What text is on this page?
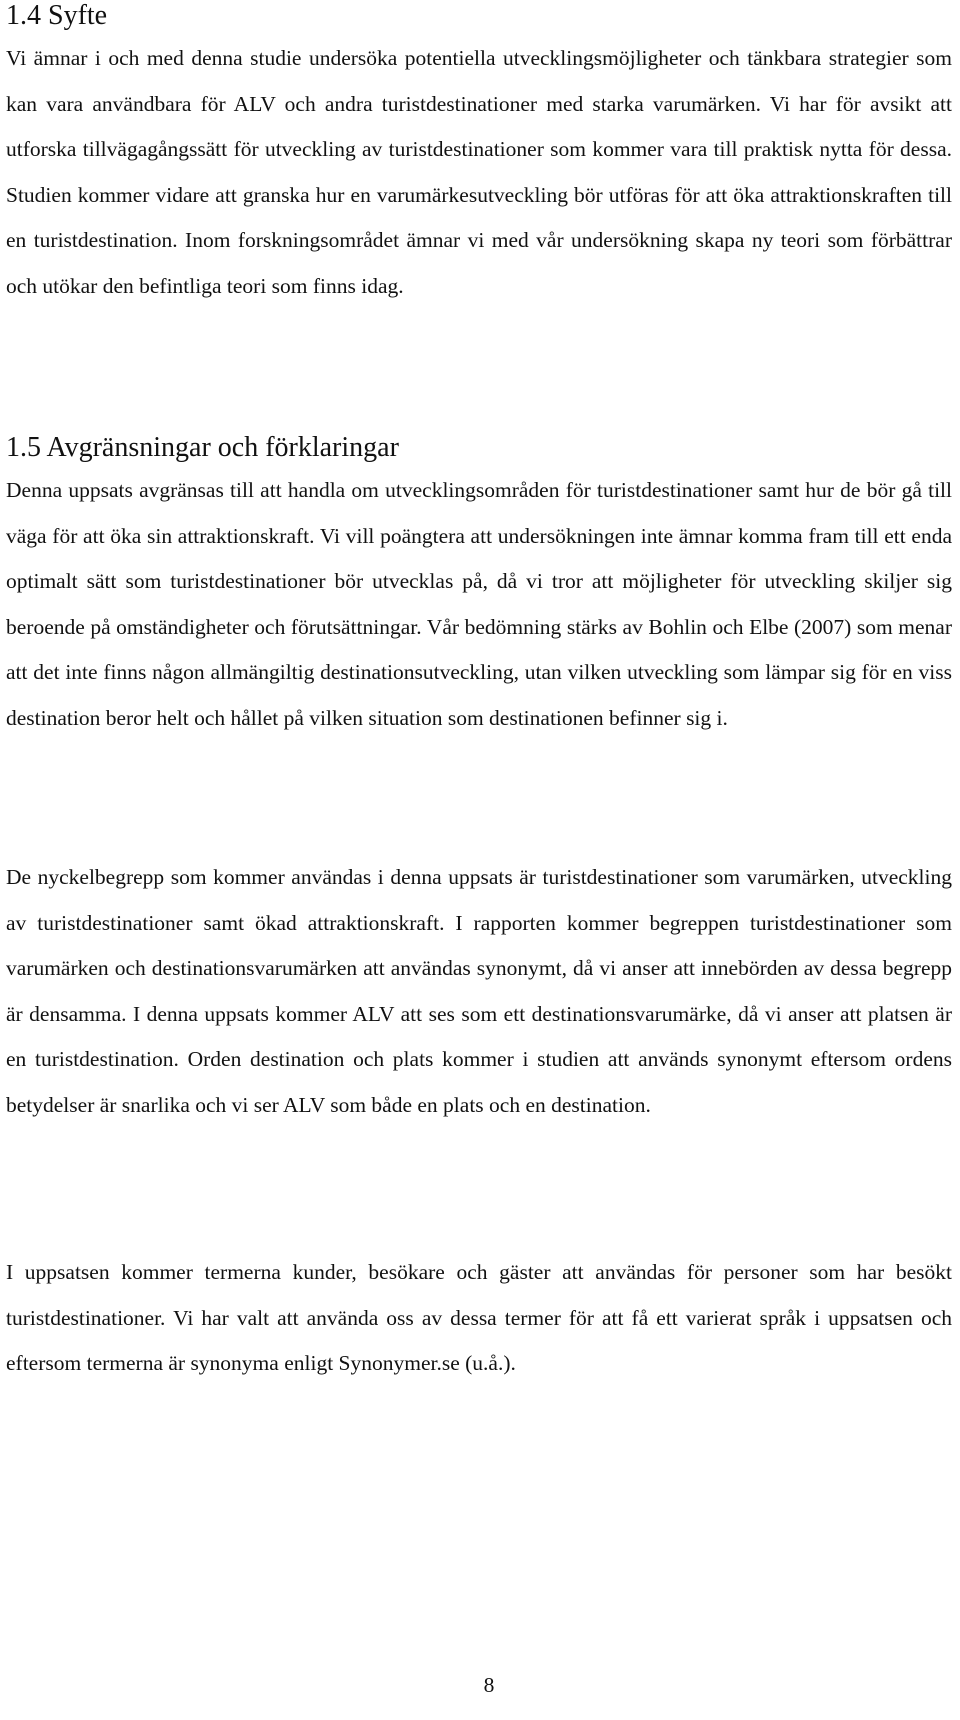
1.4 Syfte

Vi ämnar i och med denna studie undersöka potentiella utvecklingsmöjligheter och tänkbara strategier som kan vara användbara för ALV och andra turistdestinationer med starka varumärken. Vi har för avsikt att utforska tillvägagångssätt för utveckling av turistdestinationer som kommer vara till praktisk nytta för dessa. Studien kommer vidare att granska hur en varumärkesutveckling bör utföras för att öka attraktionskraften till en turistdestination. Inom forskningsområdet ämnar vi med vår undersökning skapa ny teori som förbättrar och utökar den befintliga teori som finns idag.

1.5 Avgränsningar och förklaringar

Denna uppsats avgränsas till att handla om utvecklingsområden för turistdestinationer samt hur de bör gå till väga för att öka sin attraktionskraft. Vi vill poängtera att undersökningen inte ämnar komma fram till ett enda optimalt sätt som turistdestinationer bör utvecklas på, då vi tror att möjligheter för utveckling skiljer sig beroende på omständigheter och förutsättningar. Vår bedömning stärks av Bohlin och Elbe (2007) som menar att det inte finns någon allmängiltig destinationsutveckling, utan vilken utveckling som lämpar sig för en viss destination beror helt och hållet på vilken situation som destinationen befinner sig i.

De nyckelbegrepp som kommer användas i denna uppsats är turistdestinationer som varumärken, utveckling av turistdestinationer samt ökad attraktionskraft. I rapporten kommer begreppen turistdestinationer som varumärken och destinationsvarumärken att användas synonymt, då vi anser att innebörden av dessa begrepp är densamma. I denna uppsats kommer ALV att ses som ett destinationsvarumärke, då vi anser att platsen är en turistdestination. Orden destination och plats kommer i studien att används synonymt eftersom ordens betydelser är snarlika och vi ser ALV som både en plats och en destination.

I uppsatsen kommer termerna kunder, besökare och gäster att användas för personer som har besökt turistdestinationer. Vi har valt att använda oss av dessa termer för att få ett varierat språk i uppsatsen och eftersom termerna är synonyma enligt Synonymer.se (u.å.).

8
